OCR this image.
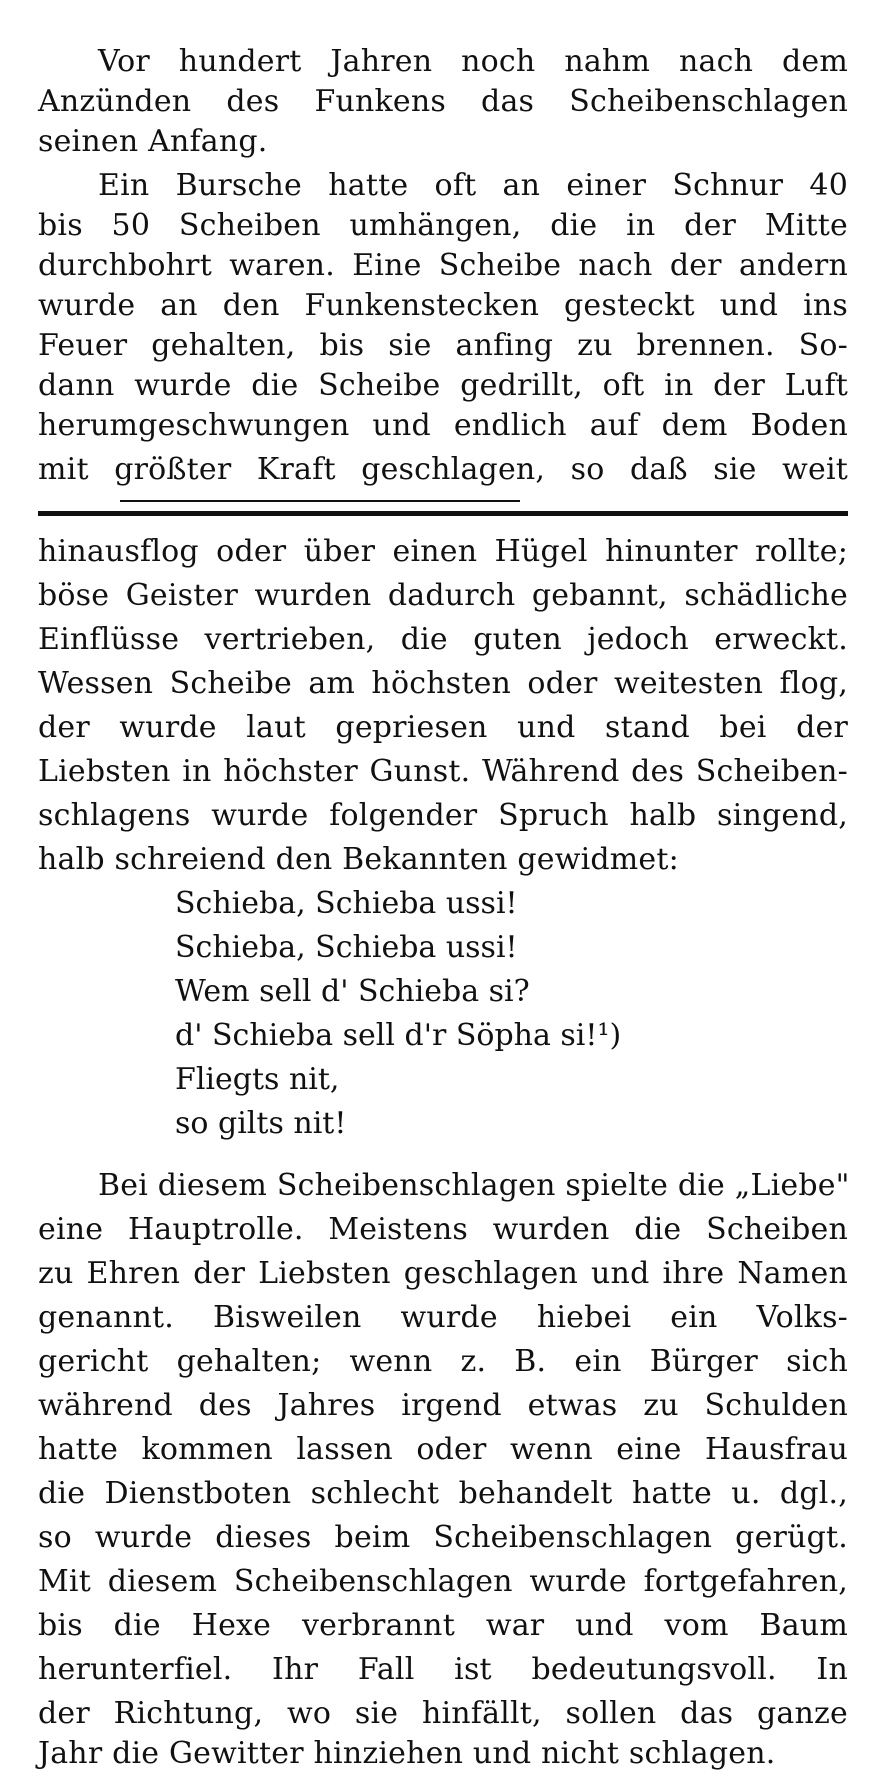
Vor hundert Jahren noch nahm nach dem
Anzünden des Funkens das Scheibenschlagen
seinen Anfang.
Ein Bursche hatte oft an einer Schnur 40
bis 50 Scheiben umhängen, die in der Mitte
durchbohrt waren. Eine Scheibe nach der andern
wurde an den Funkenstecken gesteckt und ins
Feuer gehalten, bis sie anfing zu brennen. So-
dann wurde die Scheibe gedrillt, oft in der Luft
herumgeschwungen und endlich auf dem Boden
mit größter Kraft geschlagen, so daß sie weit
hinausflog oder über einen Hügel hinunter rollte;
böse Geister wurden dadurch gebannt, schädliche
Einflüsse vertrieben, die guten jedoch erweckt.
Wessen Scheibe am höchsten oder weitesten flog,
der wurde laut gepriesen und stand bei der
Liebsten in höchster Gunst. Während des Scheiben-
schlagens wurde folgender Spruch halb singend,
halb schreiend den Bekannten gewidmet:
Schieba, Schieba ussi!
Schieba, Schieba ussi!
Wem sell d' Schieba si?
d' Schieba sell d'r Söpha si!¹)
Fliegts nit,
so gilts nit!
Bei diesem Scheibenschlagen spielte die „Liebe"
eine Hauptrolle. Meistens wurden die Scheiben
zu Ehren der Liebsten geschlagen und ihre Namen
genannt. Bisweilen wurde hiebei ein Volks-
gericht gehalten; wenn z. B. ein Bürger sich
während des Jahres irgend etwas zu Schulden
hatte kommen lassen oder wenn eine Hausfrau
die Dienstboten schlecht behandelt hatte u. dgl.,
so wurde dieses beim Scheibenschlagen gerügt.
Mit diesem Scheibenschlagen wurde fortgefahren,
bis die Hexe verbrannt war und vom Baum
herunterfiel. Ihr Fall ist bedeutungsvoll. In
der Richtung, wo sie hinfällt, sollen das ganze
Jahr die Gewitter hinziehen und nicht schlagen.
